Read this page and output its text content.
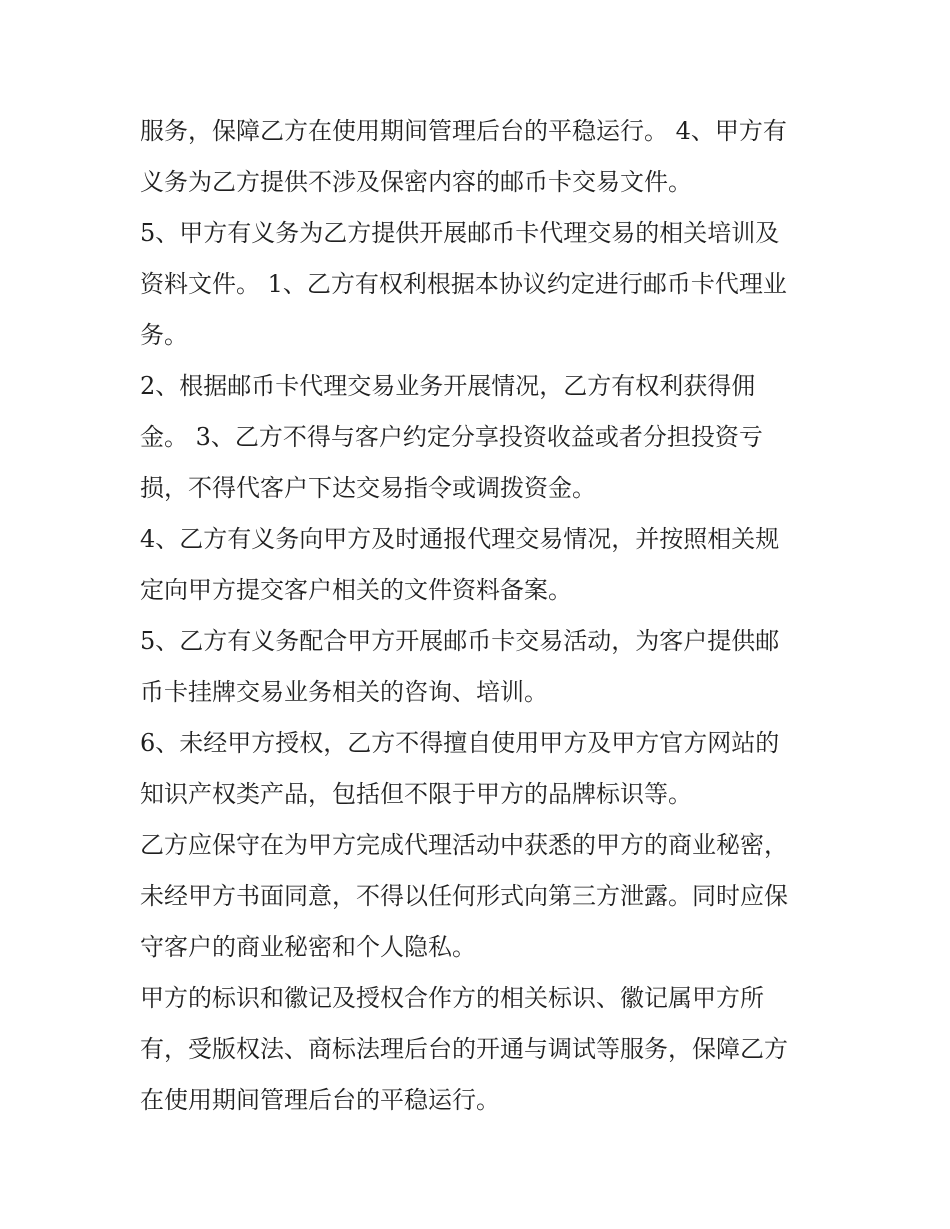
服务，保障乙方在使用期间管理后台的平稳运行。 4、甲方有
义务为乙方提供不涉及保密内容的邮币卡交易文件。

5、甲方有义务为乙方提供开展邮币卡代理交易的相关培训及
资料文件。 1、乙方有权利根据本协议约定进行邮币卡代理业
务。

2、根据邮币卡代理交易业务开展情况，乙方有权利获得佣
金。 3、乙方不得与客户约定分享投资收益或者分担投资亏
损，不得代客户下达交易指令或调拨资金。

4、乙方有义务向甲方及时通报代理交易情况，并按照相关规
定向甲方提交客户相关的文件资料备案。

5、乙方有义务配合甲方开展邮币卡交易活动，为客户提供邮
币卡挂牌交易业务相关的咨询、培训。

6、未经甲方授权，乙方不得擅自使用甲方及甲方官方网站的
知识产权类产品，包括但不限于甲方的品牌标识等。

乙方应保守在为甲方完成代理活动中获悉的甲方的商业秘密，
未经甲方书面同意，不得以任何形式向第三方泄露。同时应保
守客户的商业秘密和个人隐私。

甲方的标识和徽记及授权合作方的相关标识、徽记属甲方所
有，受版权法、商标法理后台的开通与调试等服务，保障乙方
在使用期间管理后台的平稳运行。
